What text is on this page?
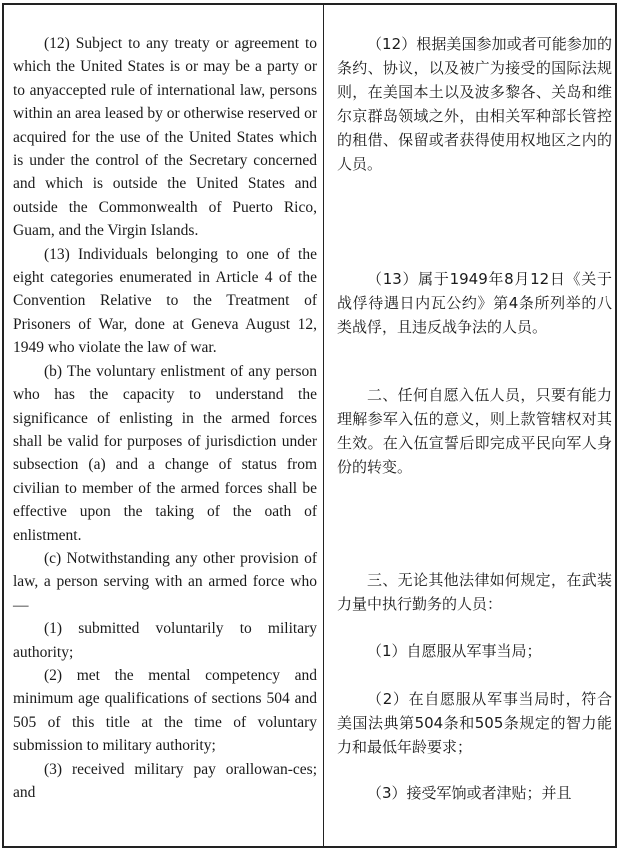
(12) Subject to any treaty or agreement to which the United States is or may be a party or to anyaccepted rule of international law, persons within an area leased by or otherwise reserved or acquired for the use of the United States which is under the control of the Secretary concerned and which is outside the United States and outside the Commonwealth of Puerto Rico, Guam, and the Virgin Islands.

(13) Individuals belonging to one of the eight categories enumerated in Article 4 of the Convention Relative to the Treatment of Prisoners of War, done at Geneva August 12, 1949 who violate the law of war.

(b) The voluntary enlistment of any person who has the capacity to understand the significance of enlisting in the armed forces shall be valid for purposes of jurisdiction under subsection (a) and a change of status from civilian to member of the armed forces shall be effective upon the taking of the oath of enlistment.

(c) Notwithstanding any other provision of law, a person serving with an armed force who—

(1) submitted voluntarily to military authority;

(2) met the mental competency and minimum age qualifications of sections 504 and 505 of this title at the time of voluntary submission to military authority;

(3) received military pay orallowan-ces; and

（12）根据美国参加或者可能参加的条约、协议，以及被广为接受的国际法规则，在美国本土以及波多黎各、关岛和维尔京群岛领域之外，由相关军种部长管控的租借、保留或者获得使用权地区之内的人员。

（13）属于1949年8月12日《关于战俘待遇日内瓦公约》第4条所列举的八类战俘，且违反战争法的人员。

二、任何自愿入伍人员，只要有能力理解参军入伍的意义，则上款管辖权对其生效。在入伍宣誓后即完成平民向军人身份的转变。

三、无论其他法律如何规定，在武装力量中执行勤务的人员：

（1）自愿服从军事当局；

（2）在自愿服从军事当局时，符合美国法典第504条和505条规定的智力能力和最低年龄要求；

（3）接受军饷或者津贴；并且
